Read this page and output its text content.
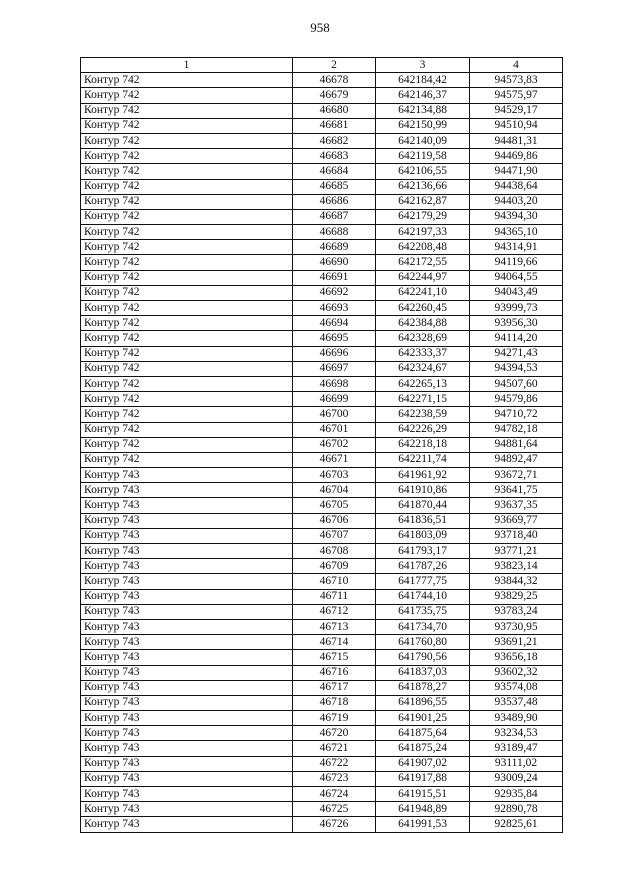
958
1	2	3	4
Контур 742	46678	642184,42	94573,83
Контур 742	46679	642146,37	94575,97
Контур 742	46680	642134,88	94529,17
Контур 742	46681	642150,99	94510,94
Контур 742	46682	642140,09	94481,31
Контур 742	46683	642119,58	94469,86
Контур 742	46684	642106,55	94471,90
Контур 742	46685	642136,66	94438,64
Контур 742	46686	642162,87	94403,20
Контур 742	46687	642179,29	94394,30
Контур 742	46688	642197,33	94365,10
Контур 742	46689	642208,48	94314,91
Контур 742	46690	642172,55	94119,66
Контур 742	46691	642244,97	94064,55
Контур 742	46692	642241,10	94043,49
Контур 742	46693	642260,45	93999,73
Контур 742	46694	642384,88	93956,30
Контур 742	46695	642328,69	94114,20
Контур 742	46696	642333,37	94271,43
Контур 742	46697	642324,67	94394,53
Контур 742	46698	642265,13	94507,60
Контур 742	46699	642271,15	94579,86
Контур 742	46700	642238,59	94710,72
Контур 742	46701	642226,29	94782,18
Контур 742	46702	642218,18	94881,64
Контур 742	46671	642211,74	94892,47
Контур 743	46703	641961,92	93672,71
Контур 743	46704	641910,86	93641,75
Контур 743	46705	641870,44	93637,35
Контур 743	46706	641836,51	93669,77
Контур 743	46707	641803,09	93718,40
Контур 743	46708	641793,17	93771,21
Контур 743	46709	641787,26	93823,14
Контур 743	46710	641777,75	93844,32
Контур 743	46711	641744,10	93829,25
Контур 743	46712	641735,75	93783,24
Контур 743	46713	641734,70	93730,95
Контур 743	46714	641760,80	93691,21
Контур 743	46715	641790,56	93656,18
Контур 743	46716	641837,03	93602,32
Контур 743	46717	641878,27	93574,08
Контур 743	46718	641896,55	93537,48
Контур 743	46719	641901,25	93489,90
Контур 743	46720	641875,64	93234,53
Контур 743	46721	641875,24	93189,47
Контур 743	46722	641907,02	93111,02
Контур 743	46723	641917,88	93009,24
Контур 743	46724	641915,51	92935,84
Контур 743	46725	641948,89	92890,78
Контур 743	46726	641991,53	92825,61
